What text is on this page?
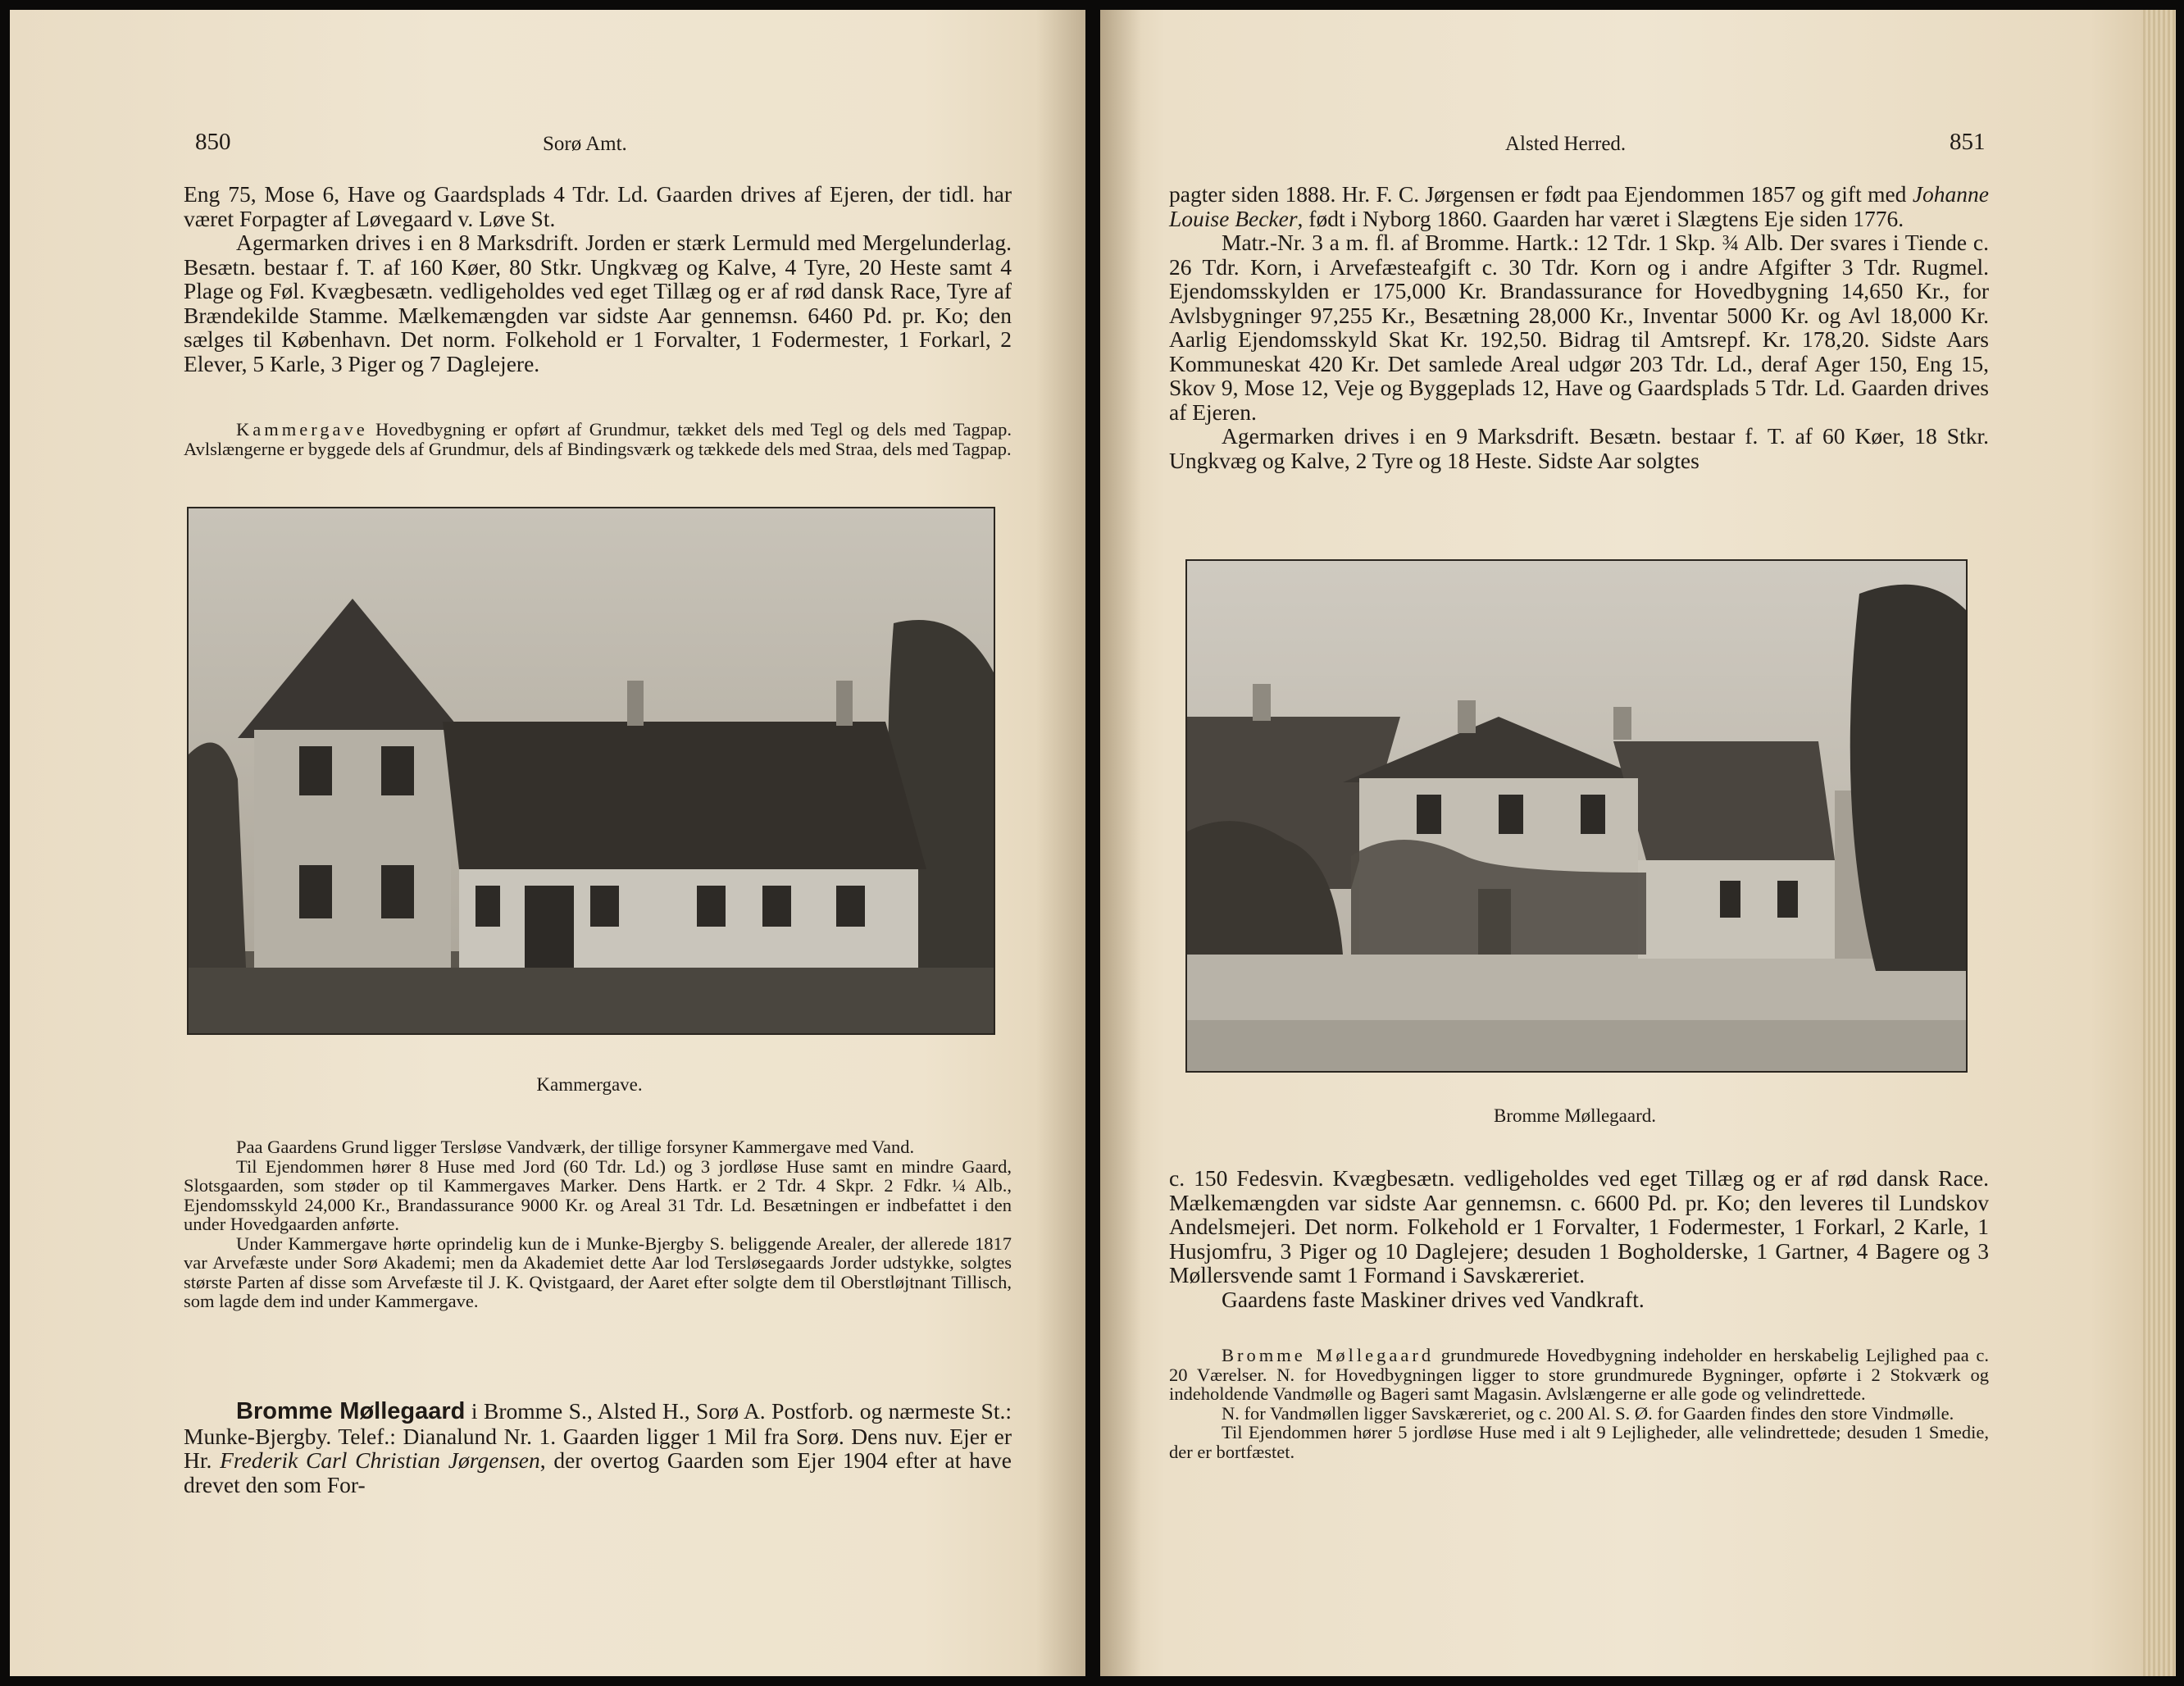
850	Sorø Amt.

Eng 75, Mose 6, Have og Gaardsplads 4 Tdr. Ld. Gaarden drives af Ejeren, der tidl. har været Forpagter af Løvegaard v. Løve St.

Agermarken drives i en 8 Marksdrift. Jorden er stærk Lermuld med Mergelunderlag. Besætn. bestaar f. T. af 160 Køer, 80 Stkr. Ungkvæg og Kalve, 4 Tyre, 20 Heste samt 4 Plage og Føl. Kvægbesætn. vedligeholdes ved eget Tillæg og er af rød dansk Race, Tyre af Brændekilde Stamme. Mælkemængden var sidste Aar gennemsn. 6460 Pd. pr. Ko; den sælges til København. Det norm. Folkehold er 1 Forvalter, 1 Fodermester, 1 Forkarl, 2 Elever, 5 Karle, 3 Piger og 7 Daglejere.

Kammergave Hovedbygning er opført af Grundmur, tækket dels med Tegl og dels med Tagpap. Avlslængerne er byggede dels af Grundmur, dels af Bindingsværk og tækkede dels med Straa, dels med Tagpap.

Kammergave.

Paa Gaardens Grund ligger Tersløse Vandværk, der tillige forsyner Kammergave med Vand.

Til Ejendommen hører 8 Huse med Jord (60 Tdr. Ld.) og 3 jordløse Huse samt en mindre Gaard, Slotsgaarden, som støder op til Kammergaves Marker. Dens Hartk. er 2 Tdr. 4 Skpr. 2 Fdkr. ¼ Alb., Ejendomsskyld 24,000 Kr., Brandassurance 9000 Kr. og Areal 31 Tdr. Ld. Besætningen er indbefattet i den under Hovedgaarden anførte.

Under Kammergave hørte oprindelig kun de i Munke-Bjergby S. beliggende Arealer, der allerede 1817 var Arvefæste under Sorø Akademi; men da Akademiet dette Aar lod Tersløsegaards Jorder udstykke, solgtes største Parten af disse som Arvefæste til J. K. Qvistgaard, der Aaret efter solgte dem til Oberstløjtnant Tillisch, som lagde dem ind under Kammergave.

Bromme Møllegaard i Bromme S., Alsted H., Sorø A. Postforb. og nærmeste St.: Munke-Bjergby. Telef.: Dianalund Nr. 1. Gaarden ligger 1 Mil fra Sorø. Dens nuv. Ejer er Hr. Frederik Carl Christian Jørgensen, der overtog Gaarden som Ejer 1904 efter at have drevet den som For-

Alsted Herred.	851

pagter siden 1888. Hr. F. C. Jørgensen er født paa Ejendommen 1857 og gift med Johanne Louise Becker, født i Nyborg 1860. Gaarden har været i Slægtens Eje siden 1776.

Matr.-Nr. 3 a m. fl. af Bromme. Hartk.: 12 Tdr. 1 Skp. ¾ Alb. Der svares i Tiende c. 26 Tdr. Korn, i Arvefæsteafgift c. 30 Tdr. Korn og i andre Afgifter 3 Tdr. Rugmel. Ejendomsskylden er 175,000 Kr. Brandassurance for Hovedbygning 14,650 Kr., for Avlsbygninger 97,255 Kr., Besætning 28,000 Kr., Inventar 5000 Kr. og Avl 18,000 Kr. Aarlig Ejendomsskyld Skat Kr. 192,50. Bidrag til Amtsrepf. Kr. 178,20. Sidste Aars Kommuneskat 420 Kr. Det samlede Areal udgør 203 Tdr. Ld., deraf Ager 150, Eng 15, Skov 9, Mose 12, Veje og Byggeplads 12, Have og Gaardsplads 5 Tdr. Ld. Gaarden drives af Ejeren.

Agermarken drives i en 9 Marksdrift. Besætn. bestaar f. T. af 60 Køer, 18 Stkr. Ungkvæg og Kalve, 2 Tyre og 18 Heste. Sidste Aar solgtes

Bromme Møllegaard.

c. 150 Fedesvin. Kvægbesætn. vedligeholdes ved eget Tillæg og er af rød dansk Race. Mælkemængden var sidste Aar gennemsn. c. 6600 Pd. pr. Ko; den leveres til Lundskov Andelsmejeri. Det norm. Folkehold er 1 Forvalter, 1 Fodermester, 1 Forkarl, 2 Karle, 1 Husjomfru, 3 Piger og 10 Daglejere; desuden 1 Bogholderske, 1 Gartner, 4 Bagere og 3 Møllersvende samt 1 Formand i Savskæreriet.

Gaardens faste Maskiner drives ved Vandkraft.

Bromme Møllegaard grundmurede Hovedbygning indeholder en herskabelig Lejlighed paa c. 20 Værelser. N. for Hovedbygningen ligger to store grundmurede Bygninger, opførte i 2 Stokværk og indeholdende Vandmølle og Bageri samt Magasin. Avlslængerne er alle gode og velindrettede.

N. for Vandmøllen ligger Savskæreriet, og c. 200 Al. S. Ø. for Gaarden findes den store Vindmølle.

Til Ejendommen hører 5 jordløse Huse med i alt 9 Lejligheder, alle velindrettede; desuden 1 Smedie, der er bortfæstet.
